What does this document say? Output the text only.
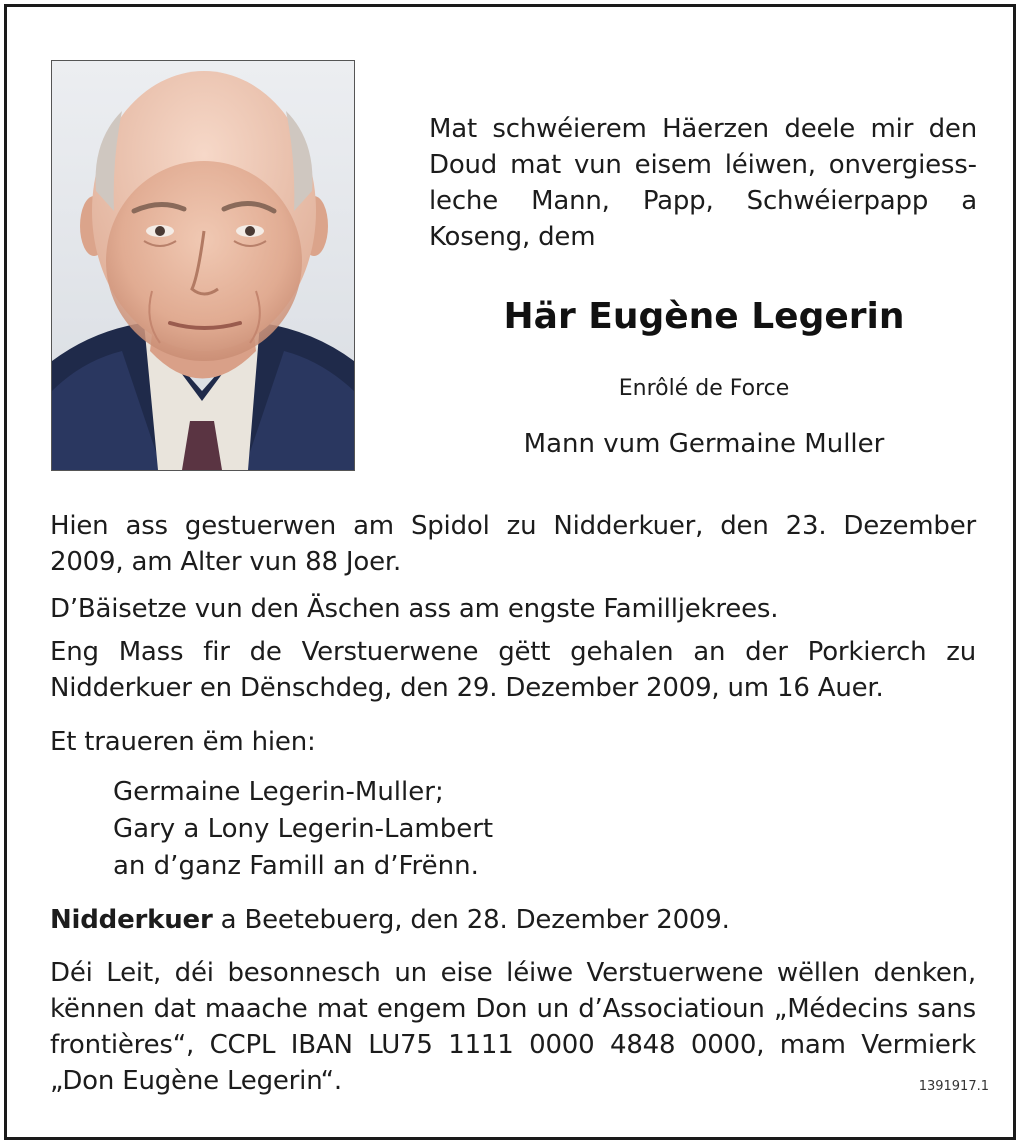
Mat schwéierem Häerzen deele mir den Doud mat vun eisem léiwen, onvergiessleche Mann, Papp, Schwéierpapp a Koseng, dem
Här Eugène Legerin
Enrôlé de Force
Mann vum Germaine Muller
Hien ass gestuerwen am Spidol zu Nidderkuer, den 23. Dezember 2009, am Alter vun 88 Joer.
D’Bäisetze vun den Äschen ass am engste Familljekrees.
Eng Mass fir de Verstuerwene gëtt gehalen an der Porkierch zu Nidderkuer en Dënschdeg, den 29. Dezember 2009, um 16 Auer.
Et traueren ëm hien:
Germaine Legerin-Muller;
Gary a Lony Legerin-Lambert
an d’ganz Famill an d’Frënn.
Nidderkuer a Beetebuerg, den 28. Dezember 2009.
Déi Leit, déi besonnesch un eise léiwe Verstuerwene wëllen denken, kënnen dat maache mat engem Don un d’Associatioun „Médecins sans frontières“, CCPL IBAN LU75 1111 0000 4848 0000, mam Vermierk „Don Eugène Legerin“.	1391917.1
